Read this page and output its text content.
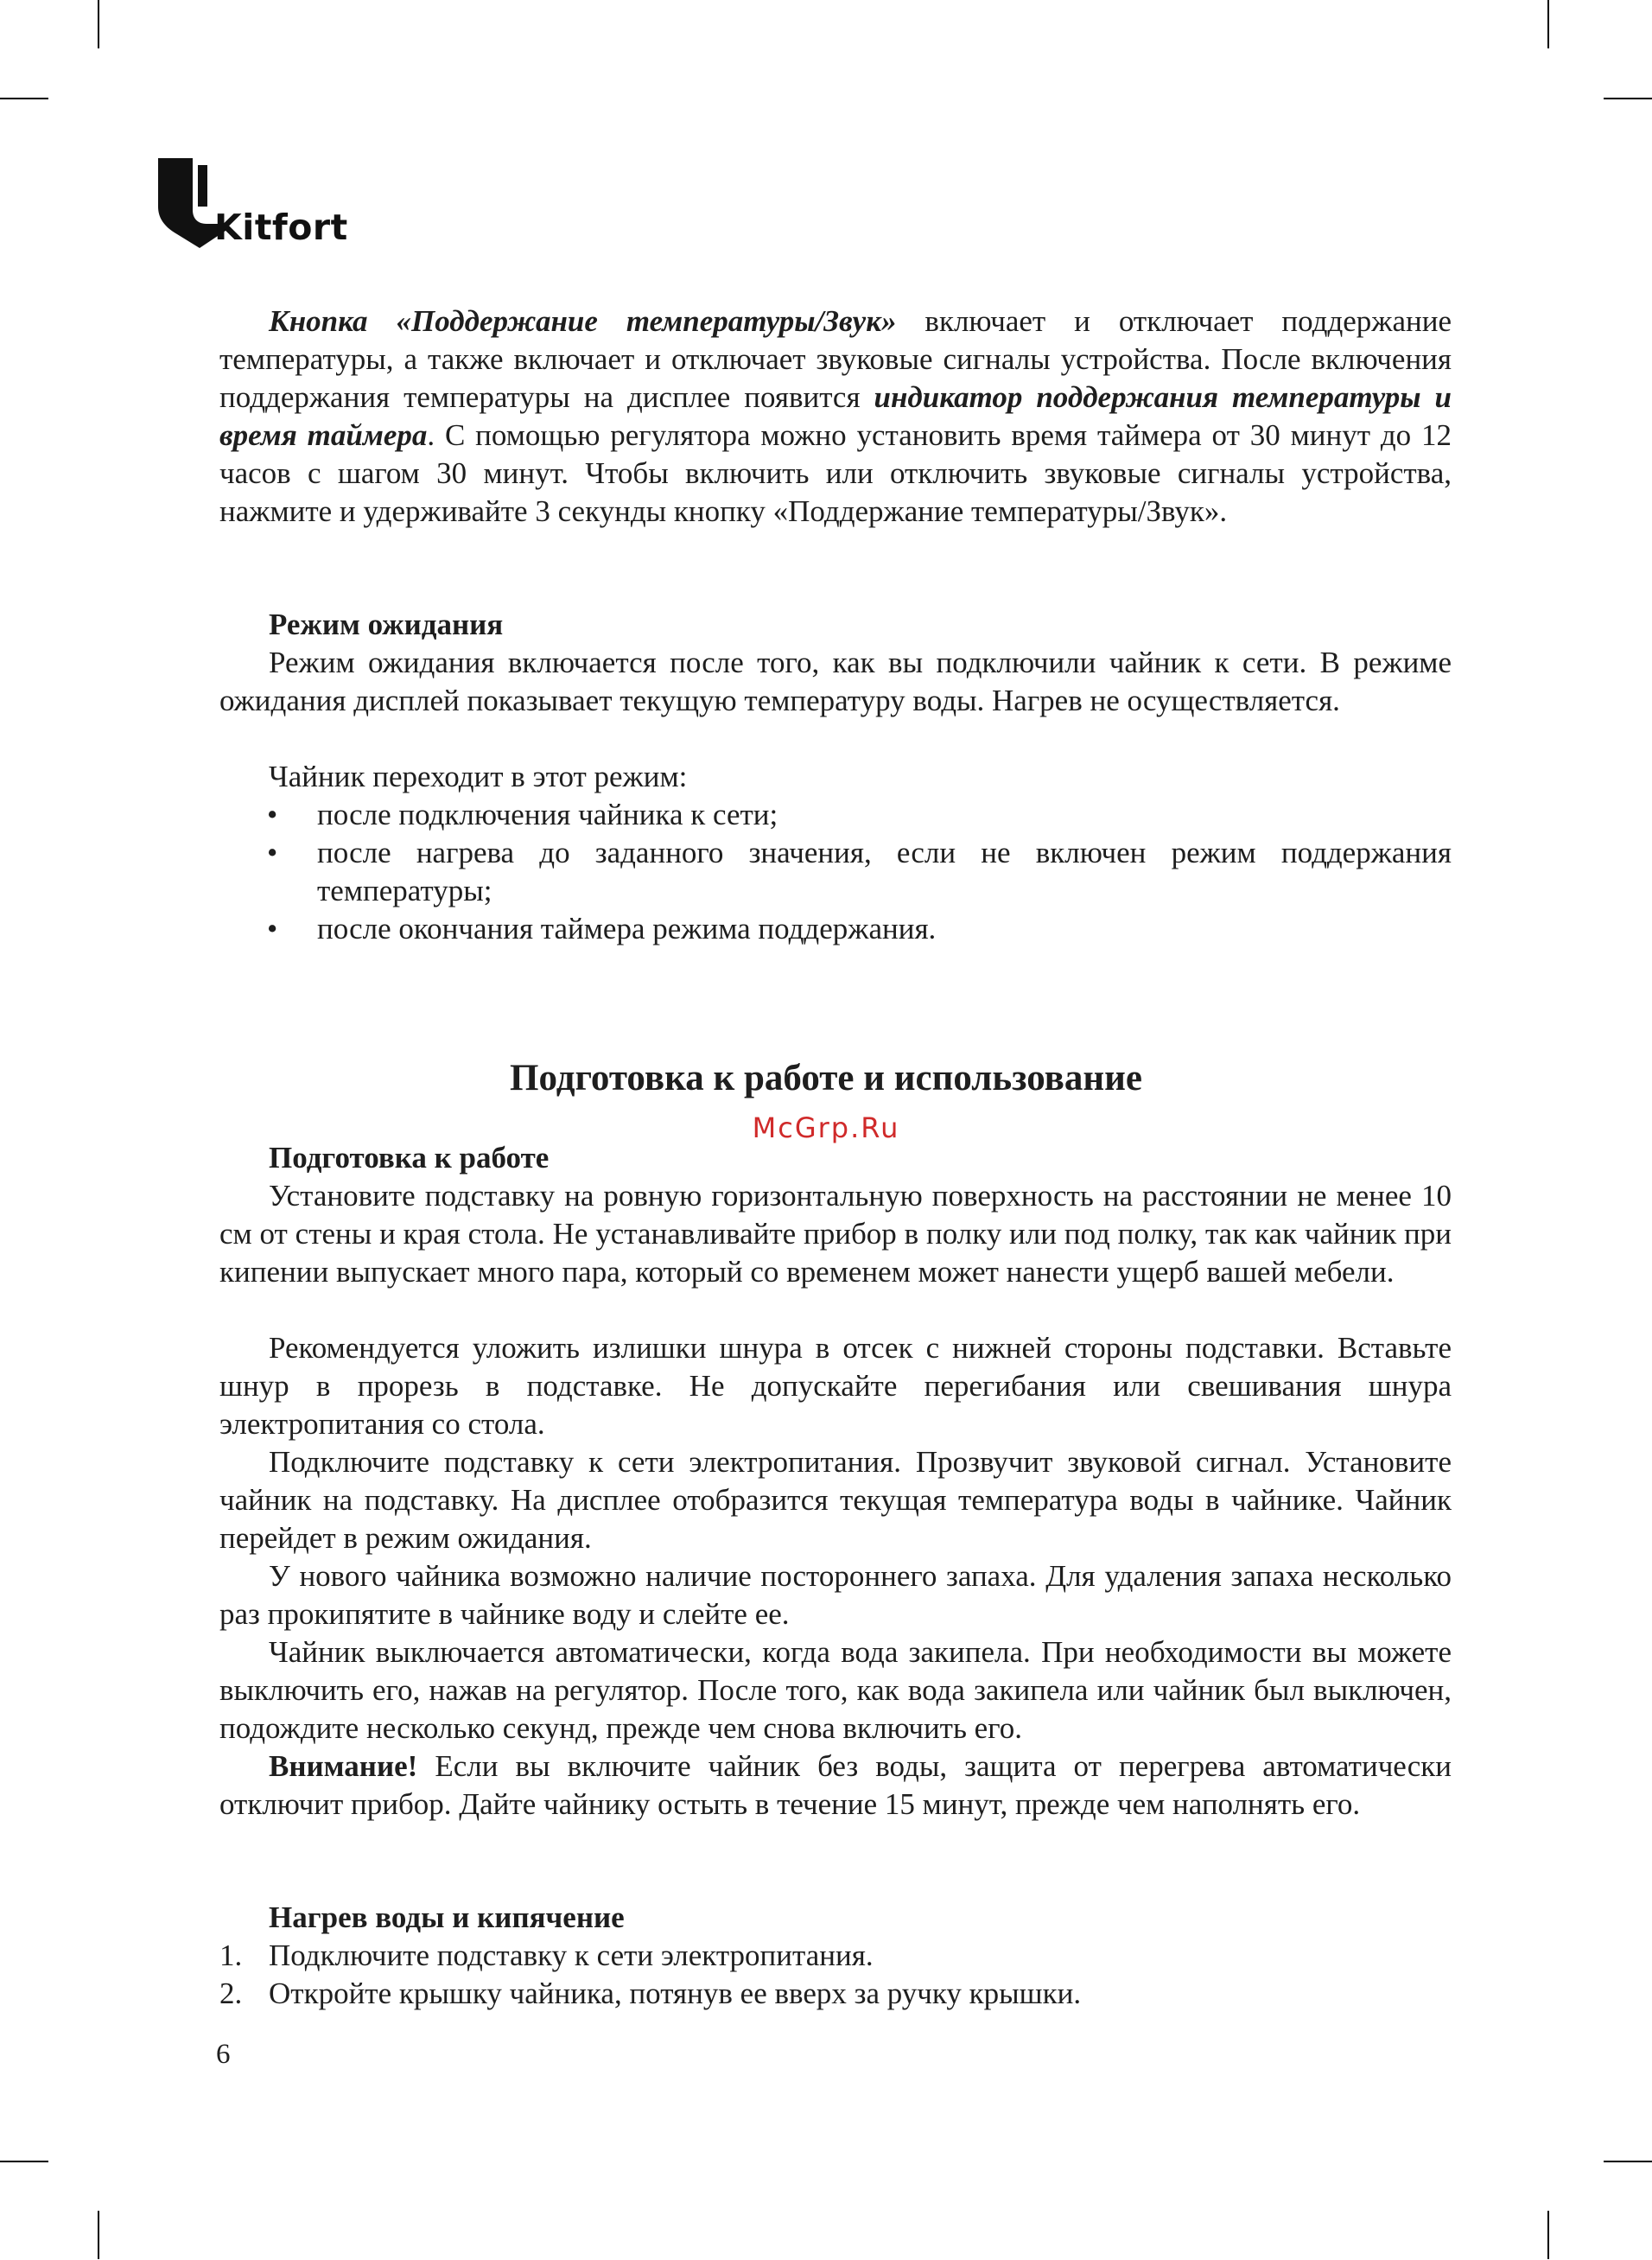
Kitfort

Кнопка «Поддержание температуры/Звук» включает и отключает поддержание температуры, а также включает и отключает звуковые сигналы устройства. После включения поддержания температуры на дисплее появится индикатор поддержания температуры и время таймера. С помощью регулятора можно установить время таймера от 30 минут до 12 часов с шагом 30 минут. Чтобы включить или отключить звуковые сигналы устройства, нажмите и удерживайте 3 секунды кнопку «Поддержание температуры/Звук».

Режим ожидания

Режим ожидания включается после того, как вы подключили чайник к сети. В режиме ожидания дисплей показывает текущую температуру воды. Нагрев не осуществляется.

Чайник переходит в этот режим:

• после подключения чайника к сети;
• после нагрева до заданного значения, если не включен режим поддержания температуры;
• после окончания таймера режима поддержания.
Подготовка к работе и использование
McGrp.Ru

Подготовка к работе

Установите подставку на ровную горизонтальную поверхность на расстоянии не менее 10 см от стены и края стола. Не устанавливайте прибор в полку или под полку, так как чайник при кипении выпускает много пара, который со временем может нанести ущерб вашей мебели.

Рекомендуется уложить излишки шнура в отсек с нижней стороны подставки. Вставьте шнур в прорезь в подставке. Не допускайте перегибания или свешивания шнура электропитания со стола.

Подключите подставку к сети электропитания. Прозвучит звуковой сигнал. Установите чайник на подставку. На дисплее отобразится текущая температура воды в чайнике. Чайник перейдет в режим ожидания.

У нового чайника возможно наличие постороннего запаха. Для удаления запаха несколько раз прокипятите в чайнике воду и слейте ее.

Чайник выключается автоматически, когда вода закипела. При необходимости вы можете выключить его, нажав на регулятор. После того, как вода закипела или чайник был выключен, подождите несколько секунд, прежде чем снова включить его.

Внимание! Если вы включите чайник без воды, защита от перегрева автоматически отключит прибор. Дайте чайнику остыть в течение 15 минут, прежде чем наполнять его.

Нагрев воды и кипячение

1. Подключите подставку к сети электропитания.
2. Откройте крышку чайника, потянув ее вверх за ручку крышки.
6
